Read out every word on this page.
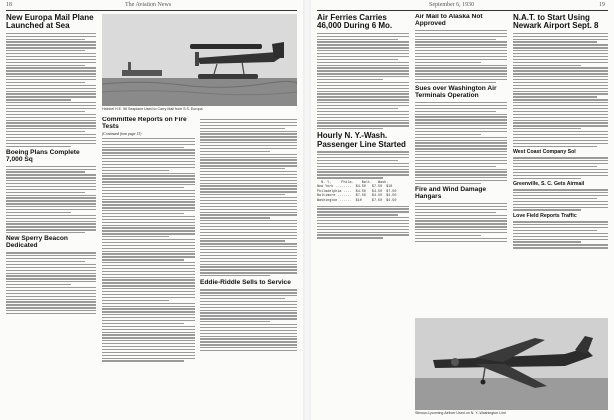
18	The Aviation News
New Europa Mail Plane Launched at Sea
Boeing Plans Complete 7,000 Sq
New Sperry Beacon Dedicated
Heinkel H.E. 58 Seaplane Used to Carry Mail from S.S. Europa
Committee Reports on Fire Tests
(Continued from page 13)
Eddie-Riddle Sells to Service
September 6, 1930	19
Air Ferries Carries 46,000 During 6 Mo.
Hourly N. Y.-Wash. Passenger Line Started
N. Y.     Phila.    Balt.   Wash.
New York ........  $4.50   $7.50  $10
Philadelphia ....  $4.50   $4.50  $7.50
Baltimore .......  $7.50   $4.50  $4.50
Washington ......  $10     $7.50  $4.50
Air Mail to Alaska Not Approved
Sues over Washington Air Terminals Operation
Fire and Wind Damage Hangars
N.A.T. to Start Using Newark Airport Sept. 8
West Coast Company Sol
Greenville, S. C. Gets Airmail
Love Field Reports Traffic
Stinson-Lycoming Airliner Used on N. Y.-Washington Line
